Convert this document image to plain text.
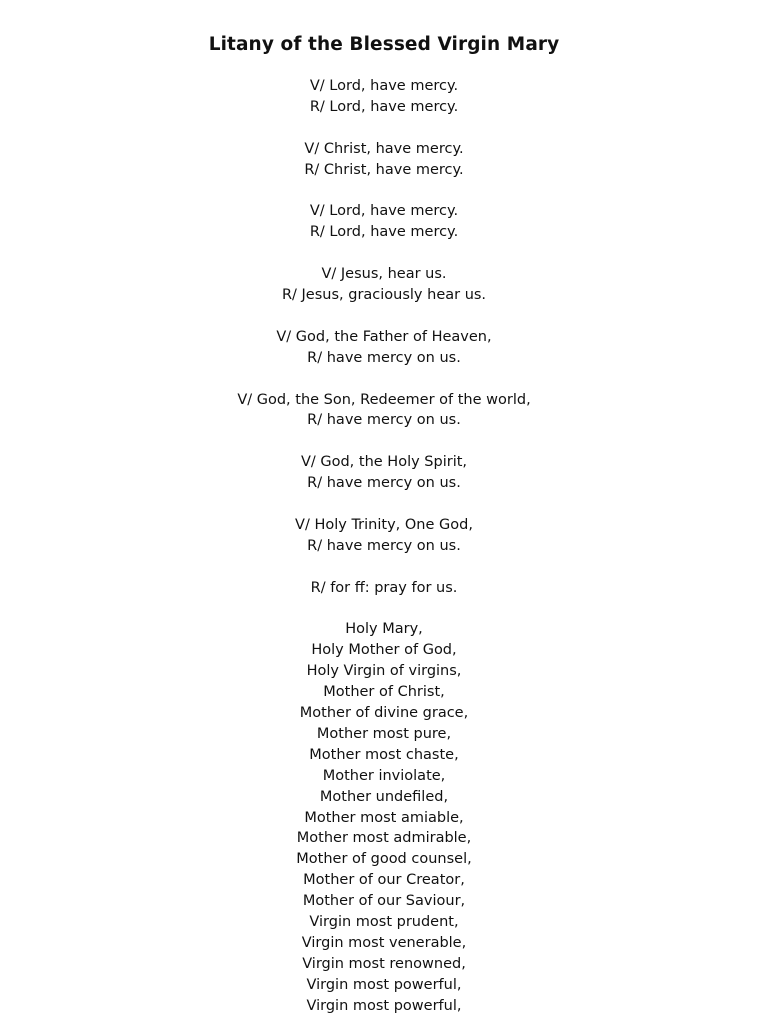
Litany of the Blessed Virgin Mary
V/ Lord, have mercy.
R/ Lord, have mercy.
V/ Christ, have mercy.
R/ Christ, have mercy.
V/ Lord, have mercy.
R/ Lord, have mercy.
V/ Jesus, hear us.
R/ Jesus, graciously hear us.
V/ God, the Father of Heaven,
R/ have mercy on us.
V/ God, the Son, Redeemer of the world,
R/ have mercy on us.
V/ God, the Holy Spirit,
R/ have mercy on us.
V/ Holy Trinity, One God,
R/ have mercy on us.
R/ for ff: pray for us.
Holy Mary,
Holy Mother of God,
Holy Virgin of virgins,
Mother of Christ,
Mother of divine grace,
Mother most pure,
Mother most chaste,
Mother inviolate,
Mother undefiled,
Mother most amiable,
Mother most admirable,
Mother of good counsel,
Mother of our Creator,
Mother of our Saviour,
Virgin most prudent,
Virgin most venerable,
Virgin most renowned,
Virgin most powerful,
Virgin most powerful,
